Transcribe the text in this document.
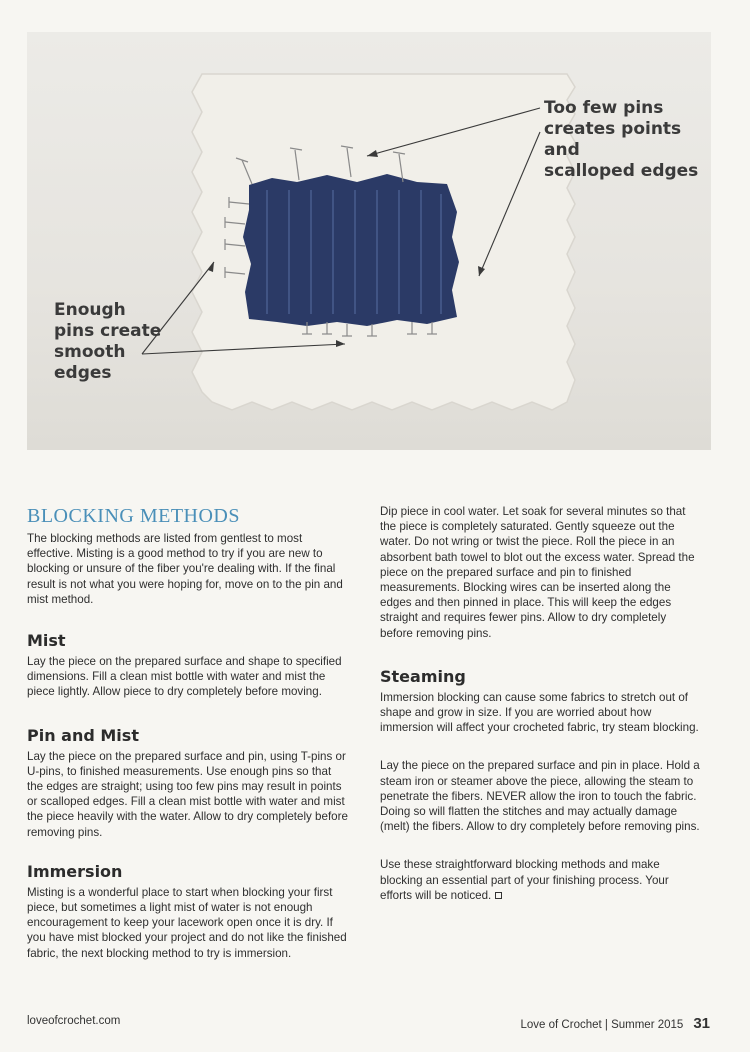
Too few pins
creates points and
scalloped edges
Enough
pins create
smooth
edges
BLOCKING METHODS

The blocking methods are listed from gentlest to most effective. Misting is a good method to try if you are new to blocking or unsure of the fiber you're dealing with. If the final result is not what you were hoping for, move on to the pin and mist method.

Mist

Lay the piece on the prepared surface and shape to specified dimensions. Fill a clean mist bottle with water and mist the piece lightly. Allow piece to dry completely before moving.

Pin and Mist

Lay the piece on the prepared surface and pin, using T-pins or U-pins, to finished measurements. Use enough pins so that the edges are straight; using too few pins may result in points or scalloped edges. Fill a clean mist bottle with water and mist the piece heavily with the water. Allow to dry completely before removing pins.

Immersion

Misting is a wonderful place to start when blocking your first piece, but sometimes a light mist of water is not enough encouragement to keep your lacework open once it is dry. If you have mist blocked your project and do not like the finished fabric, the next blocking method to try is immersion.

Dip piece in cool water. Let soak for several minutes so that the piece is completely saturated. Gently squeeze out the water. Do not wring or twist the piece. Roll the piece in an absorbent bath towel to blot out the excess water. Spread the piece on the prepared surface and pin to finished measurements. Blocking wires can be inserted along the edges and then pinned in place. This will keep the edges straight and requires fewer pins. Allow to dry completely before removing pins.

Steaming

Immersion blocking can cause some fabrics to stretch out of shape and grow in size. If you are worried about how immersion will affect your crocheted fabric, try steam blocking.

Lay the piece on the prepared surface and pin in place. Hold a steam iron or steamer above the piece, allowing the steam to penetrate the fibers. NEVER allow the iron to touch the fabric. Doing so will flatten the stitches and may actually damage (melt) the fibers. Allow to dry completely before removing pins.

Use these straightforward blocking methods and make blocking an essential part of your finishing process. Your efforts will be noticed.

loveofcrochet.com	Love of Crochet | Summer 2015 31
